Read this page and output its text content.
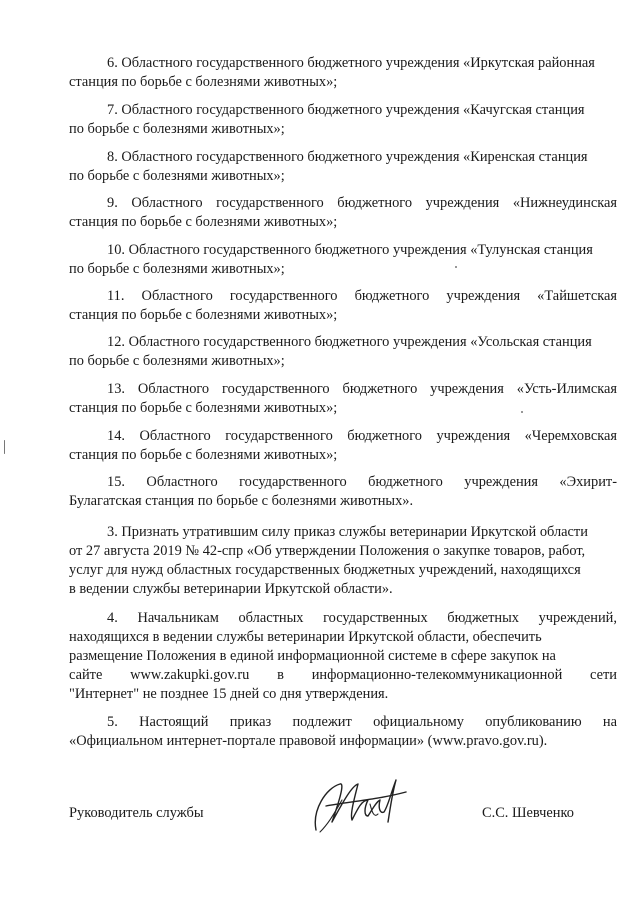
6. Областного государственного бюджетного учреждения «Иркутская районная
станция по борьбе с болезнями животных»;
7. Областного государственного бюджетного учреждения «Качугская станция
по борьбе с болезнями животных»;
8. Областного государственного бюджетного учреждения «Киренская станция
по борьбе с болезнями животных»;
9. Областного государственного бюджетного учреждения «Нижнеудинская
станция по борьбе с болезнями животных»;
10. Областного государственного бюджетного учреждения «Тулунская станция
по борьбе с болезнями животных»;
11. Областного государственного бюджетного учреждения «Тайшетская
станция по борьбе с болезнями животных»;
12. Областного государственного бюджетного учреждения «Усольская станция
по борьбе с болезнями животных»;
13. Областного государственного бюджетного учреждения «Усть-Илимская
станция по борьбе с болезнями животных»;
14. Областного государственного бюджетного учреждения «Черемховская
станция по борьбе с болезнями животных»;
15. Областного государственного бюджетного учреждения «Эхирит-
Булагатская станция по борьбе с болезнями животных».
3. Признать утратившим силу приказ службы ветеринарии Иркутской области
от 27 августа 2019 № 42-спр «Об утверждении Положения о закупке товаров, работ,
услуг для нужд областных государственных бюджетных учреждений, находящихся
в ведении службы ветеринарии Иркутской области».
4. Начальникам областных государственных бюджетных учреждений,
находящихся в ведении службы ветеринарии Иркутской области, обеспечить
размещение Положения в единой информационной системе в сфере закупок на
сайте www.zakupki.gov.ru в информационно-телекоммуникационной сети
"Интернет" не позднее 15 дней со дня утверждения.
5. Настоящий приказ подлежит официальному опубликованию на
«Официальном интернет-портале правовой информации» (www.pravo.gov.ru).

Руководитель службы	С.С. Шевченко
